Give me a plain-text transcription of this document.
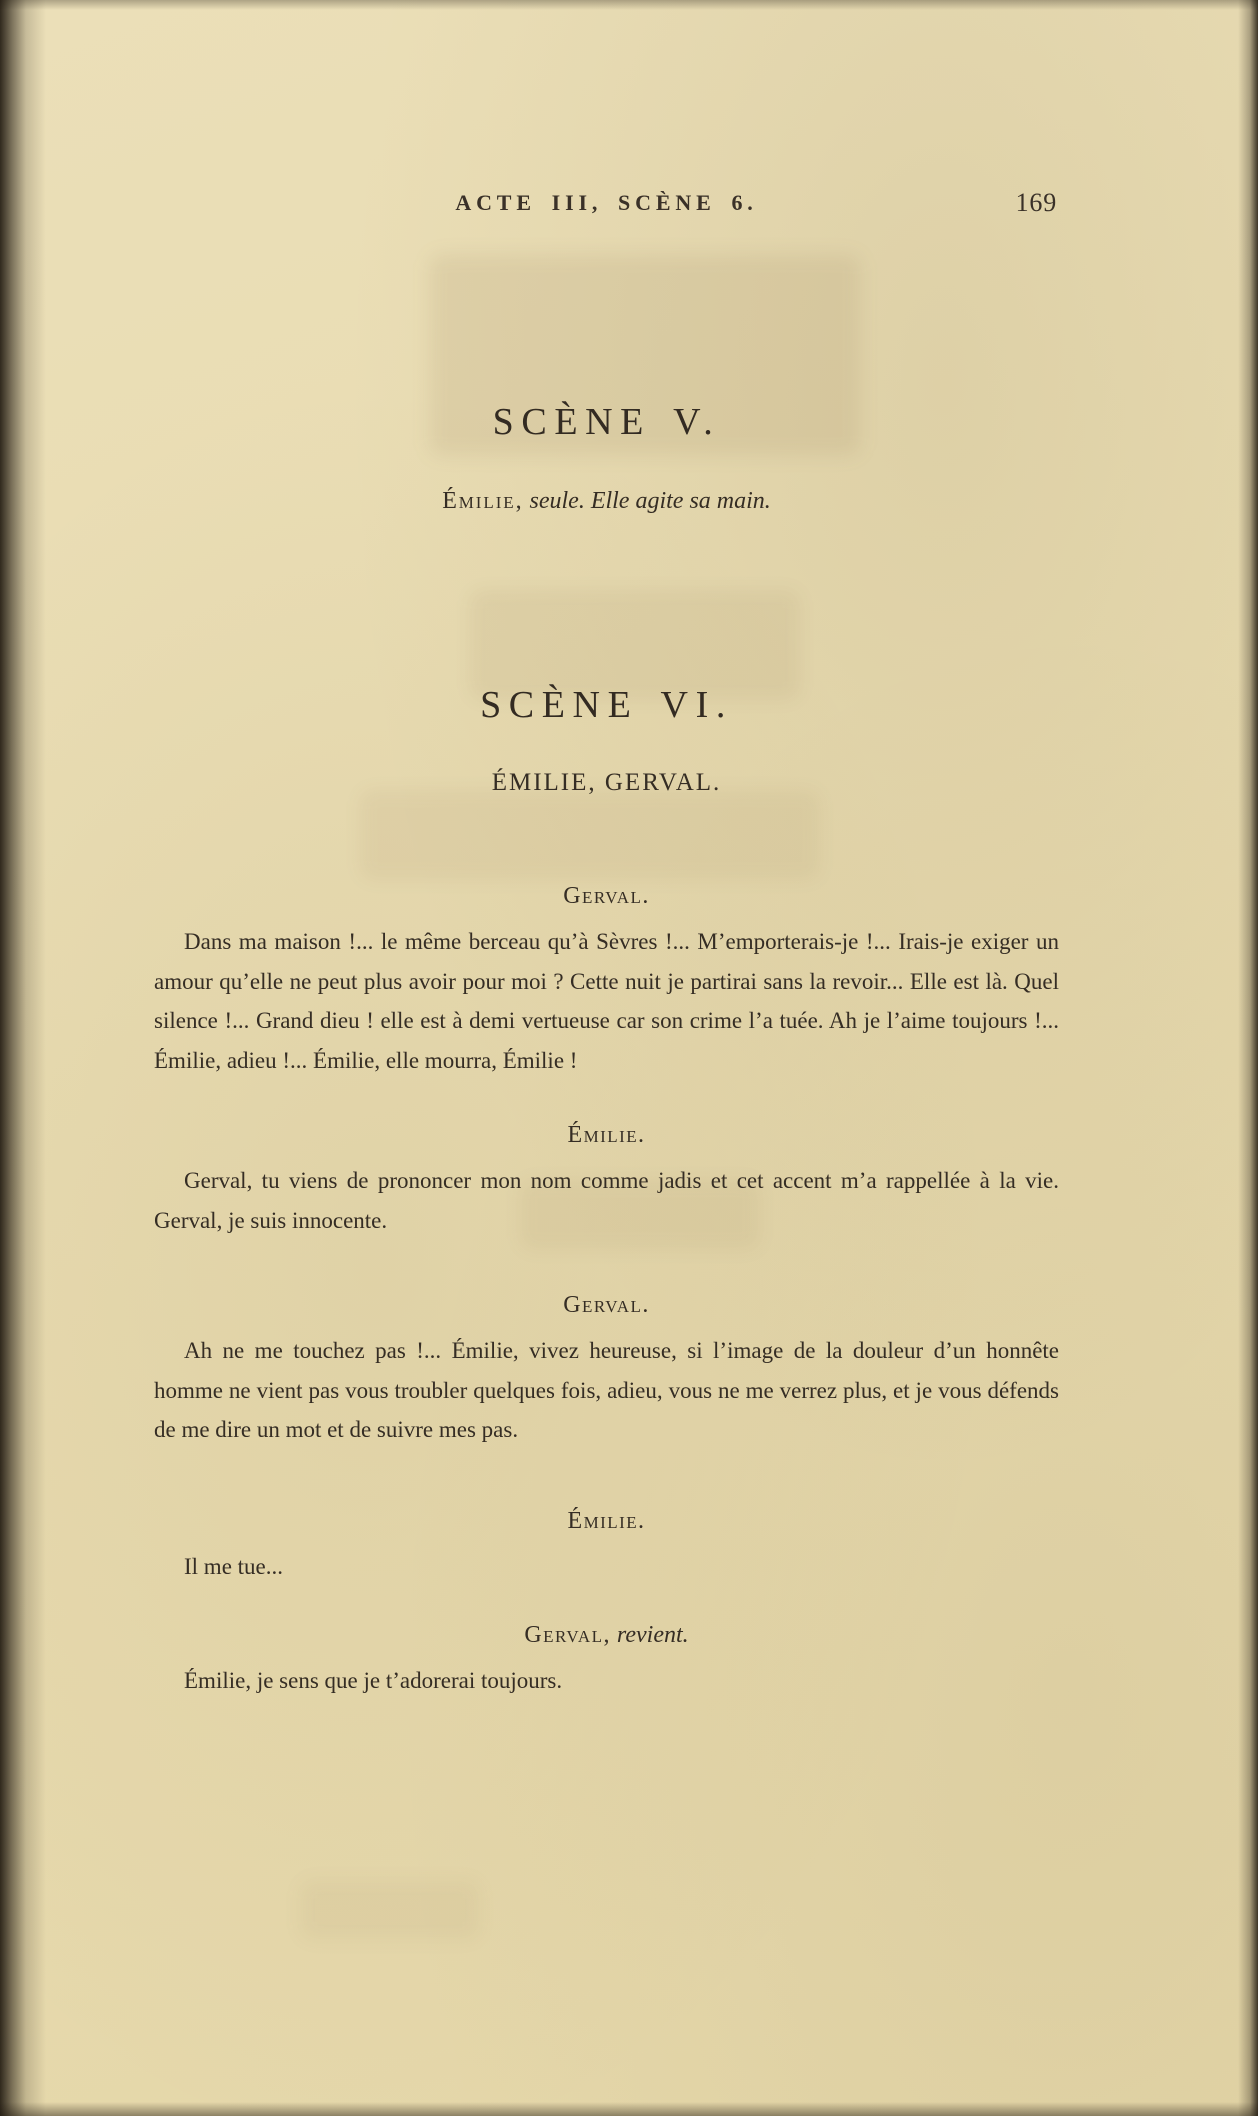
ACTE III, SCÈNE 6.	169
SCÈNE V.

Émilie, seule. Elle agite sa main.

SCÈNE VI.

ÉMILIE, GERVAL.

Gerval.

Dans ma maison !... le même berceau qu’à Sèvres !... M’emporterais-je !... Irais-je exiger un amour qu’elle ne peut plus avoir pour moi ? Cette nuit je partirai sans la revoir... Elle est là. Quel silence !... Grand dieu ! elle est à demi vertueuse car son crime l’a tuée. Ah je l’aime toujours !... Émilie, adieu !... Émilie, elle mourra, Émilie !

Émilie.

Gerval, tu viens de prononcer mon nom comme jadis et cet accent m’a rappellée à la vie. Gerval, je suis innocente.

Gerval.

Ah ne me touchez pas !... Émilie, vivez heureuse, si l’image de la douleur d’un honnête homme ne vient pas vous troubler quelques fois, adieu, vous ne me verrez plus, et je vous défends de me dire un mot et de suivre mes pas.

Émilie.

Il me tue...

Gerval, revient.

Émilie, je sens que je t’adorerai toujours.
